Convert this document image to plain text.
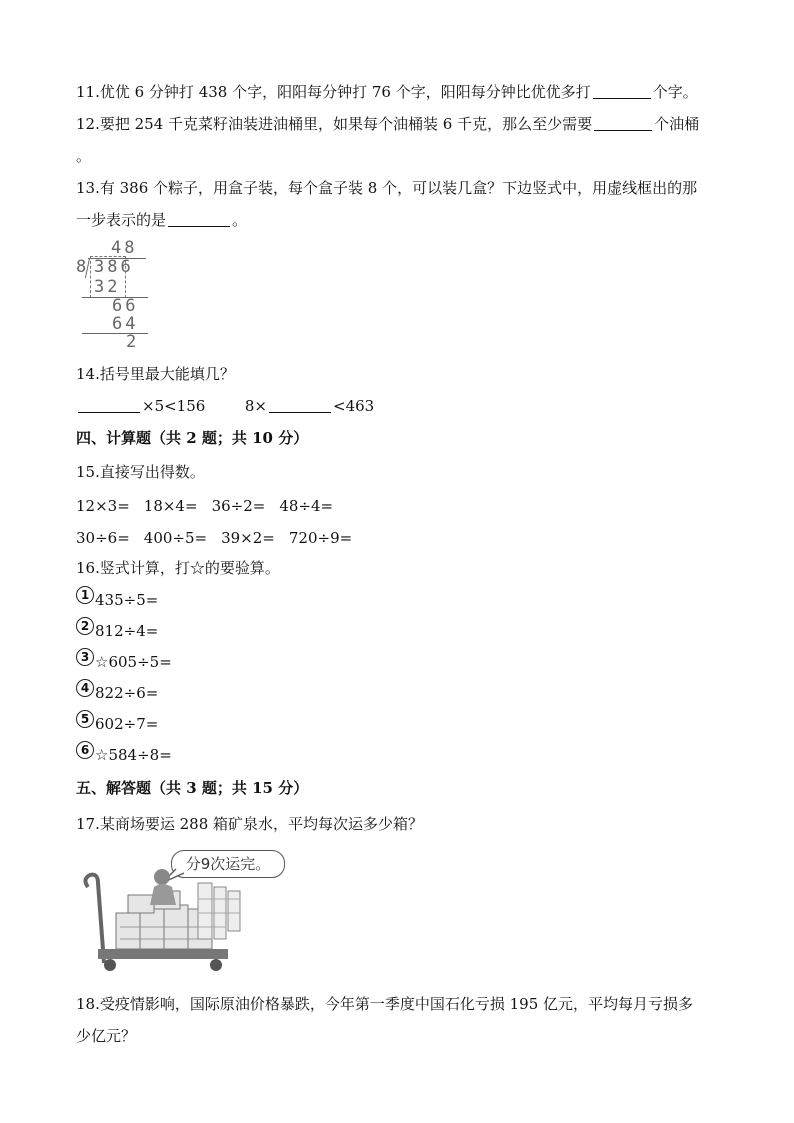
11.优优 6 分钟打 438 个字，阳阳每分钟打 76 个字，阳阳每分钟比优优多打	个字。
12.要把 254 千克菜籽油装进油桶里，如果每个油桶装 6 千克，那么至少需要	个油桶
。
13.有 386 个粽子，用盒子装，每个盒子装 8 个，可以装几盒？下边竖式中，用虚线框出的那
一步表示的是	。
48
8 386
32
66
64
2
14.括号里最大能填几？
×5<156	8×	<463
四、计算题（共 2 题；共 10 分）
15.直接写出得数。
12×3= 18×4= 36÷2= 48÷4=
30÷6= 400÷5= 39×2= 720÷9=
16.竖式计算，打☆的要验算。
1 435÷5=
2 812÷4=
3 ☆605÷5=
4 822÷6=
5 602÷7=
6 ☆584÷8=
五、解答题（共 3 题；共 15 分）
17.某商场要运 288 箱矿泉水，平均每次运多少箱？
分9次运完。
18.受疫情影响，国际原油价格暴跌，今年第一季度中国石化亏损 195 亿元，平均每月亏损多
少亿元？
